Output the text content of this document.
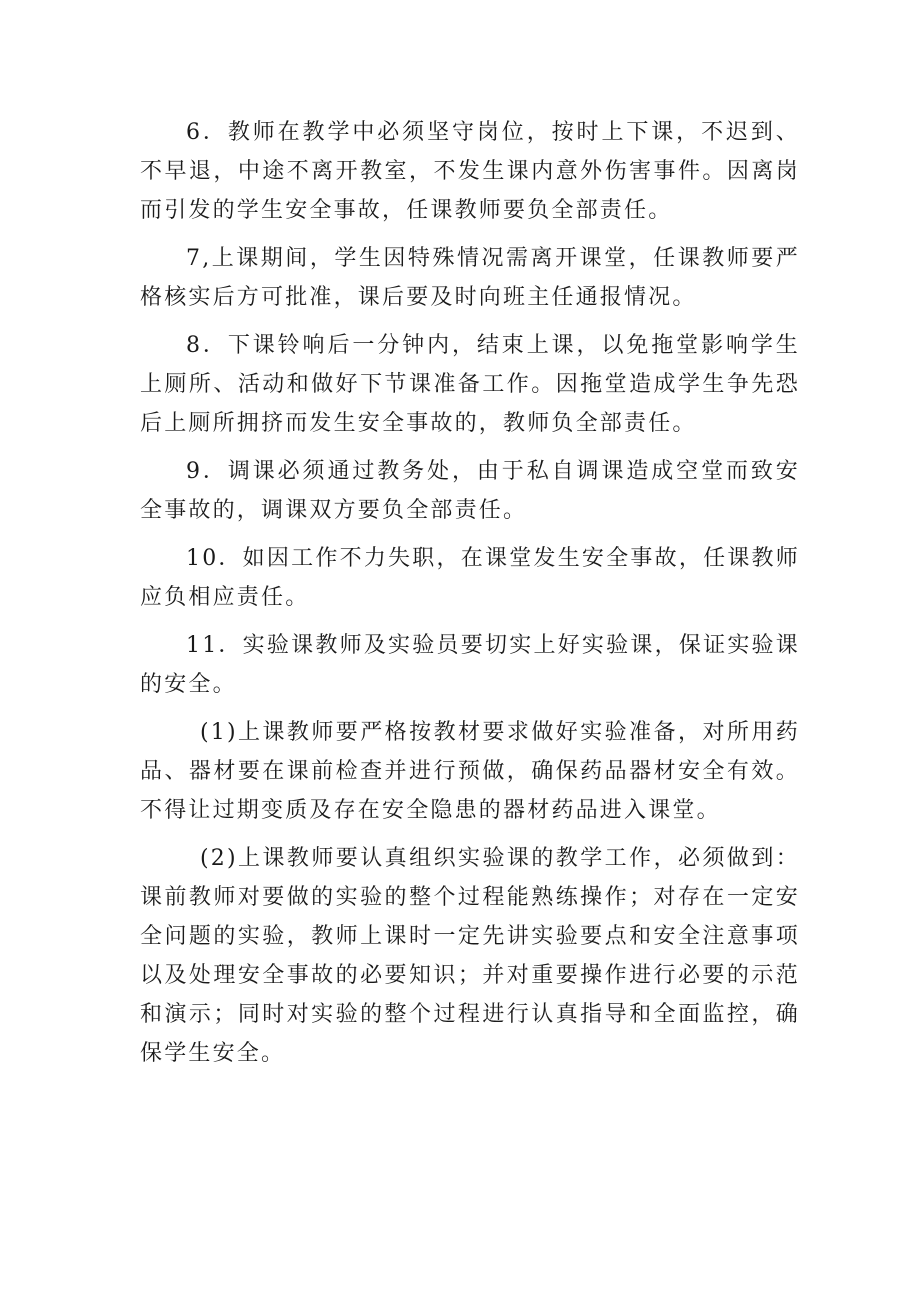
6．教师在教学中必须坚守岗位，按时上下课，不迟到、不早退，中途不离开教室，不发生课内意外伤害事件。因离岗而引发的学生安全事故，任课教师要负全部责任。

7,上课期间，学生因特殊情况需离开课堂，任课教师要严格核实后方可批准，课后要及时向班主任通报情况。

8．下课铃响后一分钟内，结束上课，以免拖堂影响学生上厕所、活动和做好下节课准备工作。因拖堂造成学生争先恐后上厕所拥挤而发生安全事故的，教师负全部责任。

9．调课必须通过教务处，由于私自调课造成空堂而致安全事故的，调课双方要负全部责任。

10．如因工作不力失职，在课堂发生安全事故，任课教师应负相应责任。

11．实验课教师及实验员要切实上好实验课，保证实验课的安全。

(1)上课教师要严格按教材要求做好实验准备，对所用药品、器材要在课前检查并进行预做，确保药品器材安全有效。不得让过期变质及存在安全隐患的器材药品进入课堂。

(2)上课教师要认真组织实验课的教学工作，必须做到：课前教师对要做的实验的整个过程能熟练操作；对存在一定安全问题的实验，教师上课时一定先讲实验要点和安全注意事项以及处理安全事故的必要知识；并对重要操作进行必要的示范和演示；同时对实验的整个过程进行认真指导和全面监控，确保学生安全。
